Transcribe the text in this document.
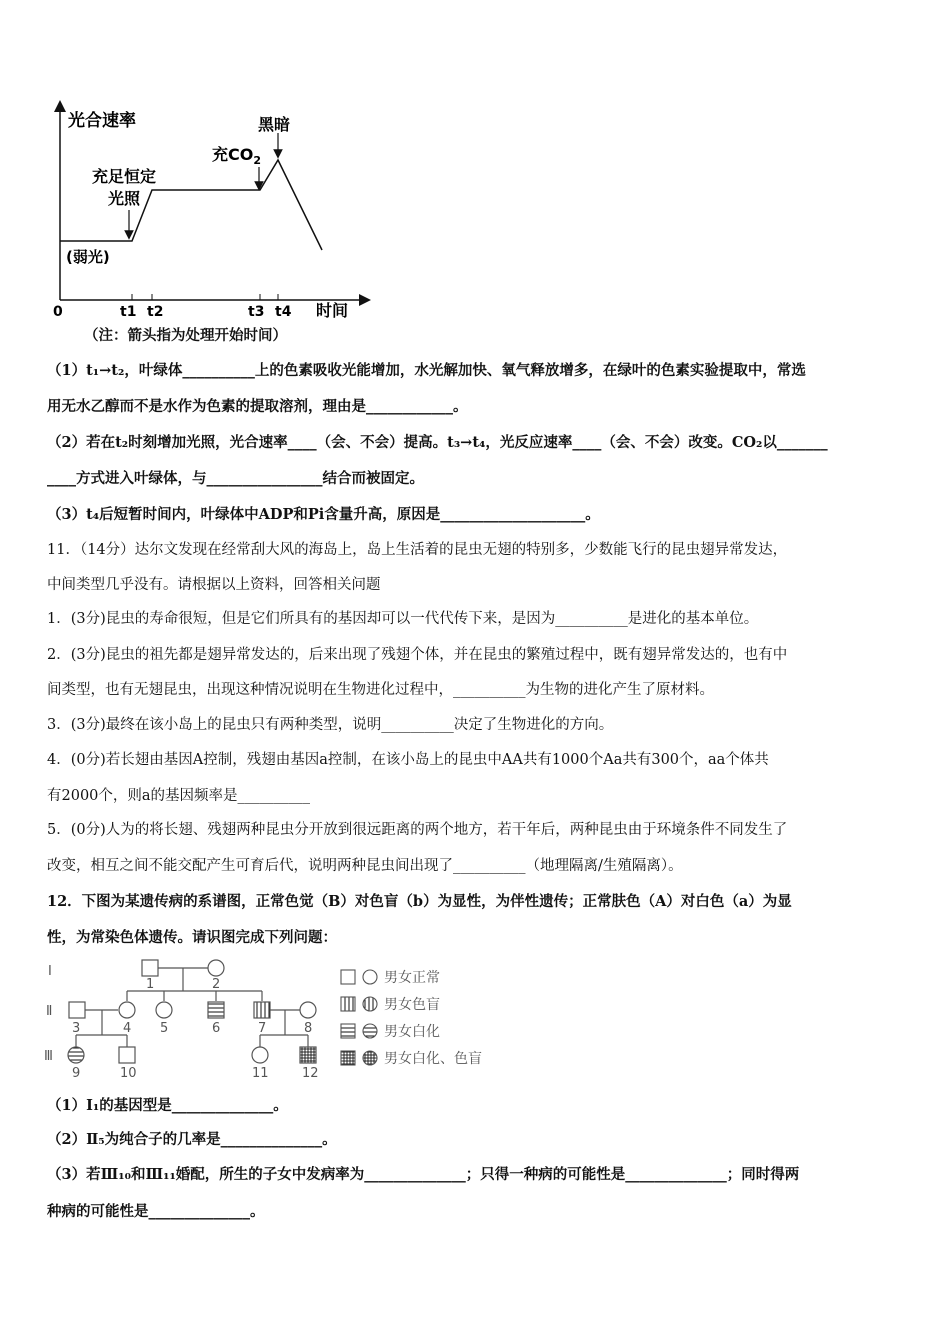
光合速率
时间
0	t1 t2	t3 t4
黑暗
充$CO_2$
充足恒定
光照
(弱光)
（注：箭头指为处理开始时间）
（1）t₁→t₂，叶绿体__________上的色素吸收光能增加，水光解加快、氧气释放增多，在绿叶的色素实验提取中，常选
用无水乙醇而不是水作为色素的提取溶剂，理由是____________。
（2）若在t₂时刻增加光照，光合速率____（会、不会）提高。t₃→t₄，光反应速率____（会、不会）改变。CO₂以_______
____方式进入叶绿体，与________________结合而被固定。
（3）t₄后短暂时间内，叶绿体中ADP和Pi含量升高，原因是____________________。
11．（14分）达尔文发现在经常刮大风的海岛上，岛上生活着的昆虫无翅的特别多，少数能飞行的昆虫翅异常发达，
中间类型几乎没有。请根据以上资料，回答相关问题
1．(3分)昆虫的寿命很短，但是它们所具有的基因却可以一代代传下来，是因为__________是进化的基本单位。
2．(3分)昆虫的祖先都是翅异常发达的，后来出现了残翅个体，并在昆虫的繁殖过程中，既有翅异常发达的，也有中
间类型，也有无翅昆虫，出现这种情况说明在生物进化过程中，__________为生物的进化产生了原材料。
3．(3分)最终在该小岛上的昆虫只有两种类型，说明__________决定了生物进化的方向。
4．(0分)若长翅由基因A控制，残翅由基因a控制，在该小岛上的昆虫中AA共有1000个Aa共有300个，aa个体共
有2000个，则a的基因频率是__________
5．(0分)人为的将长翅、残翅两种昆虫分开放到很远距离的两个地方，若干年后，两种昆虫由于环境条件不同发生了
改变，相互之间不能交配产生可育后代，说明两种昆虫间出现了__________（地理隔离/生殖隔离）。
12．下图为某遗传病的系谱图，正常色觉（B）对色盲（b）为显性，为伴性遗传；正常肤色（A）对白色（a）为显
性，为常染色体遗传。请识图完成下列问题：
Ⅰ
Ⅱ
Ⅲ
1	2
3	4 5	6	7	8
9	10	11	12
男女正常
男女色盲
男女白化
男女白化、色盲
（1）Ⅰ₁的基因型是______________。
（2）Ⅱ₅为纯合子的几率是______________。
（3）若Ⅲ₁₀和Ⅲ₁₁婚配，所生的子女中发病率为______________；只得一种病的可能性是______________；同时得两
种病的可能性是______________。
